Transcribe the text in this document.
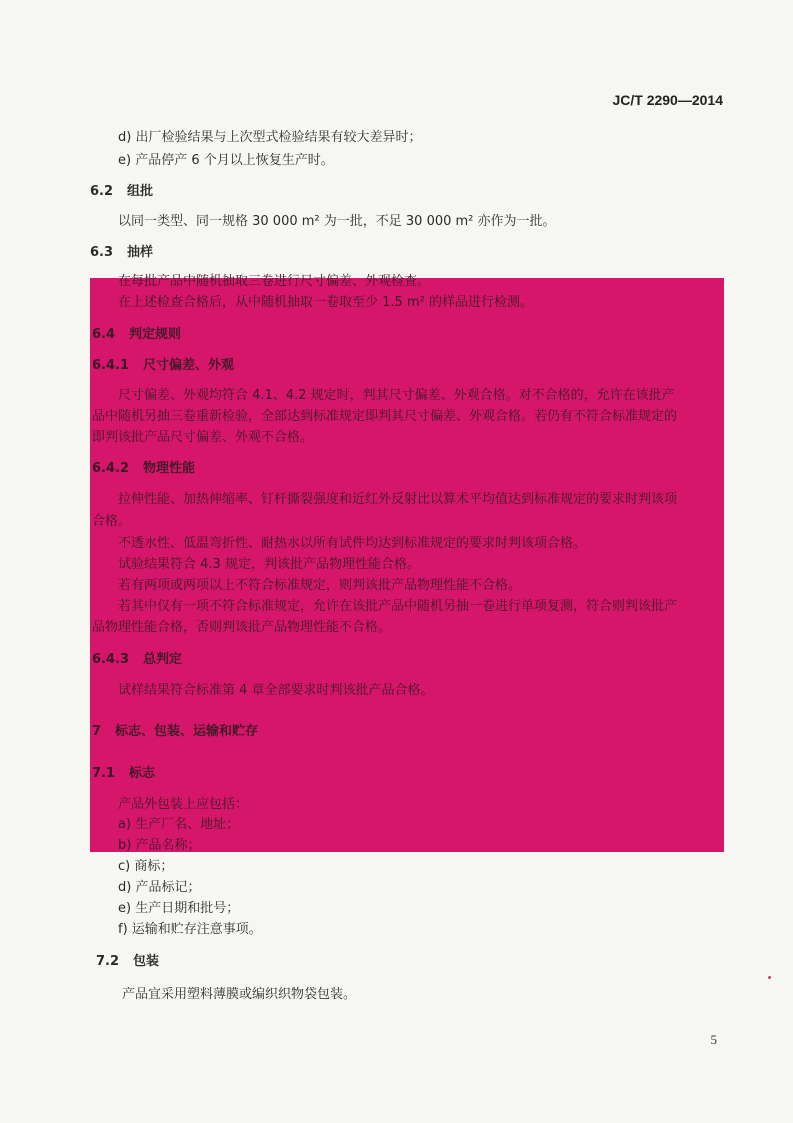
JC/T 2290—2014
d) 出厂检验结果与上次型式检验结果有较大差异时；
e) 产品停产 6 个月以上恢复生产时。
6.2 组批
以同一类型、同一规格 30 000 m² 为一批，不足 30 000 m² 亦作为一批。
6.3 抽样
在每批产品中随机抽取三卷进行尺寸偏差、外观检查。
在上述检查合格后，从中随机抽取一卷取至少 1.5 m² 的样品进行检测。
6.4 判定规则
6.4.1 尺寸偏差、外观
尺寸偏差、外观均符合 4.1、4.2 规定时，判其尺寸偏差、外观合格。对不合格的，允许在该批产
品中随机另抽三卷重新检验，全部达到标准规定即判其尺寸偏差、外观合格。若仍有不符合标准规定的
即判该批产品尺寸偏差、外观不合格。
6.4.2 物理性能
拉伸性能、加热伸缩率、钉杆撕裂强度和近红外反射比以算术平均值达到标准规定的要求时判该项
合格。
不透水性、低温弯折性、耐热水以所有试件均达到标准规定的要求时判该项合格。
试验结果符合 4.3 规定，判该批产品物理性能合格。
若有两项或两项以上不符合标准规定，则判该批产品物理性能不合格。
若其中仅有一项不符合标准规定，允许在该批产品中随机另抽一卷进行单项复测，符合则判该批产
品物理性能合格，否则判该批产品物理性能不合格。
6.4.3 总判定
试样结果符合标准第 4 章全部要求时判该批产品合格。
7 标志、包装、运输和贮存
7.1 标志
产品外包装上应包括：
a) 生产厂名、地址；
b) 产品名称；
c) 商标；
d) 产品标记；
e) 生产日期和批号；
f) 运输和贮存注意事项。
7.2 包装
产品宜采用塑料薄膜或编织织物袋包装。
5
